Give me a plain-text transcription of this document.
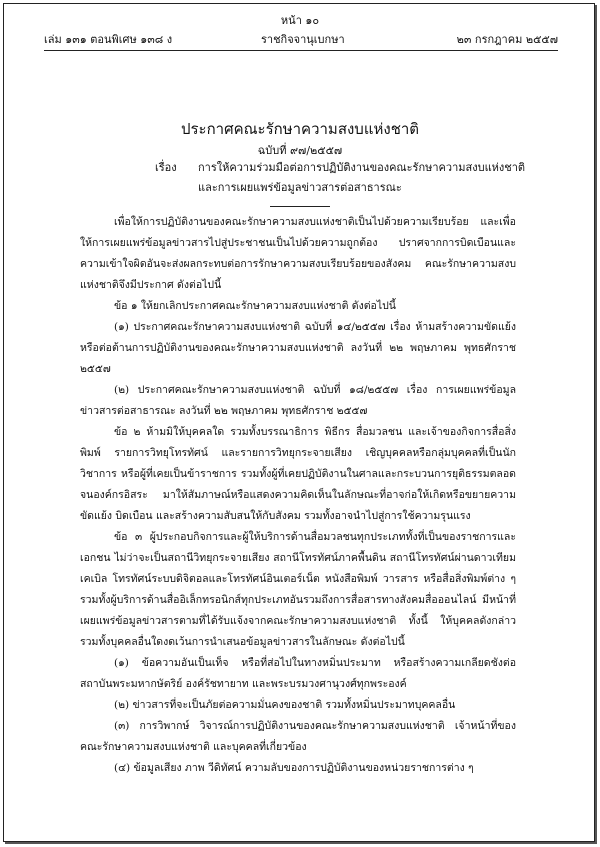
หน้า ๑๐
เล่ม ๑๓๑ ตอนพิเศษ ๑๓๘ ง	ราชกิจจานุเบกษา	๒๓ กรกฎาคม ๒๕๕๗
ประกาศคณะรักษาความสงบแห่งชาติ
ฉบับที่ ๙๗/๒๕๕๗
เรื่อง การให้ความร่วมมือต่อการปฏิบัติงานของคณะรักษาความสงบแห่งชาติ
และการเผยแพร่ข้อมูลข่าวสารต่อสาธารณะ

เพื่อให้การปฏิบัติงานของคณะรักษาความสงบแห่งชาติเป็นไปด้วยความเรียบร้อย และเพื่อให้การเผยแพร่ข้อมูลข่าวสารไปสู่ประชาชนเป็นไปด้วยความถูกต้อง ปราศจากการบิดเบือนและความเข้าใจผิดอันจะส่งผลกระทบต่อการรักษาความสงบเรียบร้อยของสังคม คณะรักษาความสงบแห่งชาติจึงมีประกาศ ดังต่อไปนี้

ข้อ ๑ ให้ยกเลิกประกาศคณะรักษาความสงบแห่งชาติ ดังต่อไปนี้

(๑) ประกาศคณะรักษาความสงบแห่งชาติ ฉบับที่ ๑๔/๒๕๕๗ เรื่อง ห้ามสร้างความขัดแย้งหรือต่อต้านการปฏิบัติงานของคณะรักษาความสงบแห่งชาติ ลงวันที่ ๒๒ พฤษภาคม พุทธศักราช ๒๕๕๗

(๒) ประกาศคณะรักษาความสงบแห่งชาติ ฉบับที่ ๑๘/๒๕๕๗ เรื่อง การเผยแพร่ข้อมูลข่าวสารต่อสาธารณะ ลงวันที่ ๒๒ พฤษภาคม พุทธศักราช ๒๕๕๗

ข้อ ๒ ห้ามมิให้บุคคลใด รวมทั้งบรรณาธิการ พิธีกร สื่อมวลชน และเจ้าของกิจการสื่อสิ่งพิมพ์ รายการวิทยุโทรทัศน์ และรายการวิทยุกระจายเสียง เชิญบุคคลหรือกลุ่มบุคคลที่เป็นนักวิชาการ หรือผู้ที่เคยเป็นข้าราชการ รวมทั้งผู้ที่เคยปฏิบัติงานในศาลและกระบวนการยุติธรรมตลอดจนองค์กรอิสระ มาให้สัมภาษณ์หรือแสดงความคิดเห็นในลักษณะที่อาจก่อให้เกิดหรือขยายความขัดแย้ง บิดเบือน และสร้างความสับสนให้กับสังคม รวมทั้งอาจนำไปสู่การใช้ความรุนแรง

ข้อ ๓ ผู้ประกอบกิจการและผู้ให้บริการด้านสื่อมวลชนทุกประเภททั้งที่เป็นของราชการและเอกชน ไม่ว่าจะเป็นสถานีวิทยุกระจายเสียง สถานีโทรทัศน์ภาคพื้นดิน สถานีโทรทัศน์ผ่านดาวเทียม เคเบิล โทรทัศน์ระบบดิจิตอลและโทรทัศน์อินเตอร์เน็ต หนังสือพิมพ์ วารสาร หรือสื่อสิ่งพิมพ์ต่าง ๆ รวมทั้งผู้บริการด้านสื่ออิเล็กทรอนิกส์ทุกประเภทอันรวมถึงการสื่อสารทางสังคมสื่อออนไลน์ มีหน้าที่เผยแพร่ข้อมูลข่าวสารตามที่ได้รับแจ้งจากคณะรักษาความสงบแห่งชาติ ทั้งนี้ ให้บุคคลดังกล่าวรวมทั้งบุคคลอื่นใดงดเว้นการนำเสนอข้อมูลข่าวสารในลักษณะ ดังต่อไปนี้

(๑) ข้อความอันเป็นเท็จ หรือที่ส่อไปในทางหมิ่นประมาท หรือสร้างความเกลียดชังต่อสถาบันพระมหากษัตริย์ องค์รัชทายาท และพระบรมวงศานุวงศ์ทุกพระองค์

(๒) ข่าวสารที่จะเป็นภัยต่อความมั่นคงของชาติ รวมทั้งหมิ่นประมาทบุคคลอื่น

(๓) การวิพากษ์ วิจารณ์การปฏิบัติงานของคณะรักษาความสงบแห่งชาติ เจ้าหน้าที่ของคณะรักษาความสงบแห่งชาติ และบุคคลที่เกี่ยวข้อง

(๔) ข้อมูลเสียง ภาพ วีดิทัศน์ ความลับของการปฏิบัติงานของหน่วยราชการต่าง ๆ
